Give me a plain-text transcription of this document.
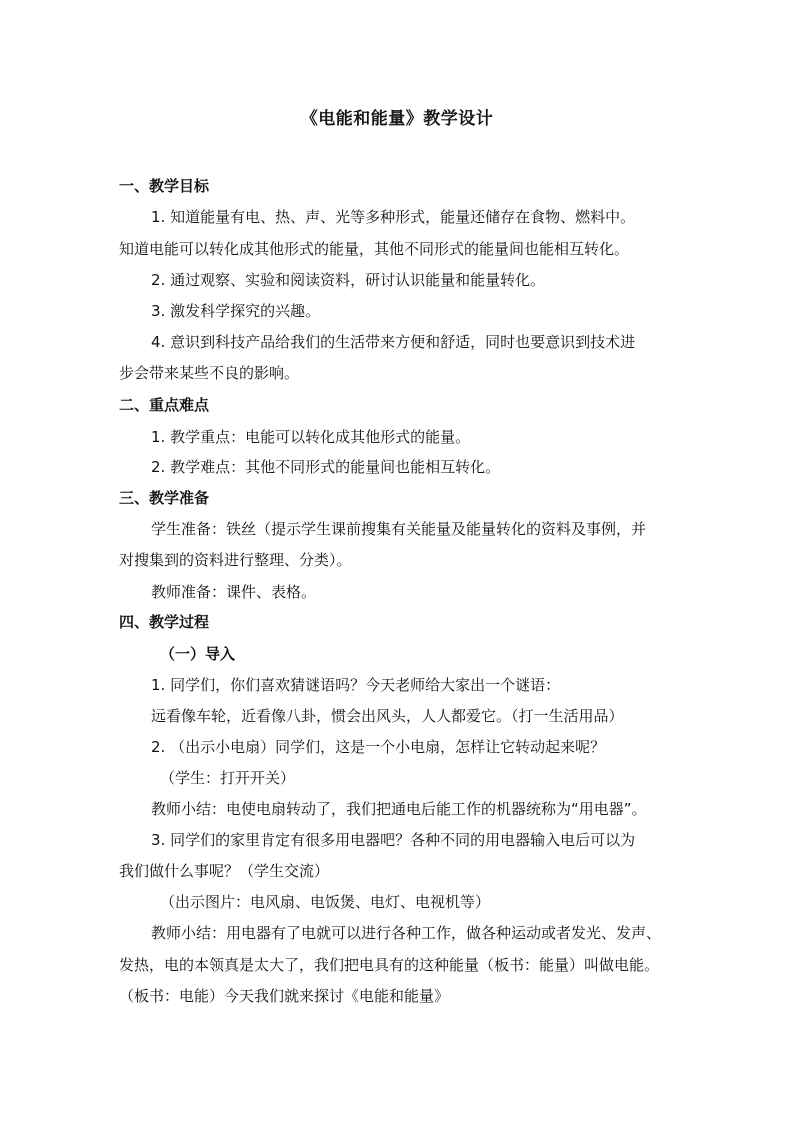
《电能和能量》教学设计
一、教学目标
1. 知道能量有电、热、声、光等多种形式，能量还储存在食物、燃料中。
知道电能可以转化成其他形式的能量，其他不同形式的能量间也能相互转化。
2. 通过观察、实验和阅读资料，研讨认识能量和能量转化。
3. 激发科学探究的兴趣。
4. 意识到科技产品给我们的生活带来方便和舒适，同时也要意识到技术进
步会带来某些不良的影响。
二、重点难点
1. 教学重点：电能可以转化成其他形式的能量。
2. 教学难点：其他不同形式的能量间也能相互转化。
三、教学准备
学生准备：铁丝（提示学生课前搜集有关能量及能量转化的资料及事例，并
对搜集到的资料进行整理、分类）。
教师准备：课件、表格。
四、教学过程
（一）导入
1. 同学们，你们喜欢猜谜语吗？今天老师给大家出一个谜语：
远看像车轮，近看像八卦，惯会出风头，人人都爱它。（打一生活用品）
2. （出示小电扇）同学们，这是一个小电扇，怎样让它转动起来呢？
（学生：打开开关）
教师小结：电使电扇转动了，我们把通电后能工作的机器统称为“用电器”。
3. 同学们的家里肯定有很多用电器吧？各种不同的用电器输入电后可以为
我们做什么事呢？（学生交流）
（出示图片：电风扇、电饭煲、电灯、电视机等）
教师小结：用电器有了电就可以进行各种工作，做各种运动或者发光、发声、
发热，电的本领真是太大了，我们把电具有的这种能量（板书：能量）叫做电能。
（板书：电能）今天我们就来探讨《电能和能量》
